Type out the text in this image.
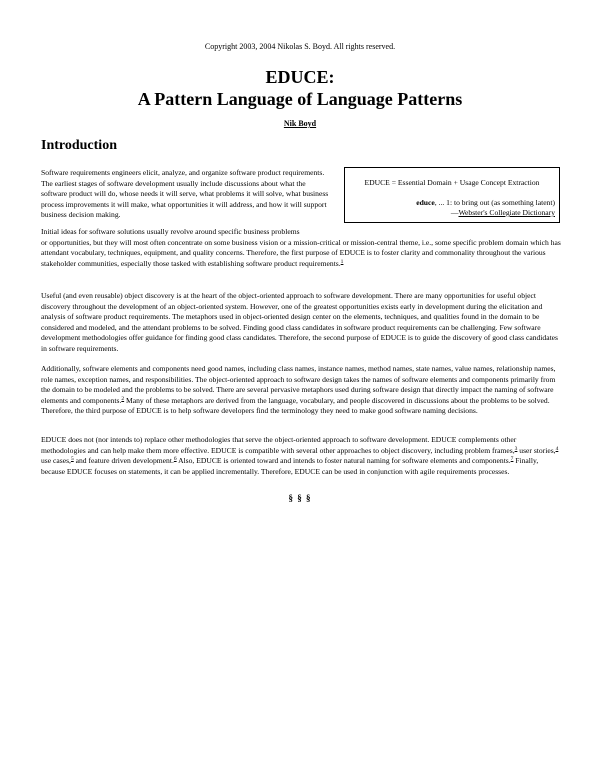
Copyright 2003, 2004 Nikolas S. Boyd. All rights reserved.
EDUCE:
A Pattern Language of Language Patterns
Nik Boyd
Introduction
EDUCE = Essential Domain + Usage Concept Extraction
educe, ... 1: to bring out (as something latent)
—Webster's Collegiate Dictionary
Software requirements engineers elicit, analyze, and organize software product requirements. The earliest stages of software development usually include discussions about what the software product will do, whose needs it will serve, what problems it will solve, what business process improvements it will make, what opportunities it will address, and how it will support business decision making.
Initial ideas for software solutions usually revolve around specific business problems
or opportunities, but they will most often concentrate on some business vision or a mission-critical or mission-central theme, i.e., some specific problem domain which has attendant vocabulary, techniques, equipment, and quality concerns. Therefore, the first purpose of EDUCE is to foster clarity and commonality throughout the various stakeholder communities, especially those tasked with establishing software product requirements.$^1$
Useful (and even reusable) object discovery is at the heart of the object-oriented approach to software development. There are many opportunities for useful object discovery throughout the development of an object-oriented system. However, one of the greatest opportunities exists early in development during the elicitation and analysis of software product requirements. The metaphors used in object-oriented design center on the elements, techniques, and qualities found in the domain to be considered and modeled, and the attendant problems to be solved. Finding good class candidates in software product requirements can be challenging. Few software development methodologies offer guidance for finding good class candidates. Therefore, the second purpose of EDUCE is to guide the discovery of good class candidates in software requirements.
Additionally, software elements and components need good names, including class names, instance names, method names, state names, value names, relationship names, role names, exception names, and responsibilities. The object-oriented approach to software design takes the names of software elements and components primarily from the domain to be modeled and the problems to be solved. There are several pervasive metaphors used during software design that directly impact the naming of software elements and components.$^2$ Many of these metaphors are derived from the language, vocabulary, and people discovered in discussions about the problems to be solved. Therefore, the third purpose of EDUCE is to help software developers find the terminology they need to make good software naming decisions.
EDUCE does not (nor intends to) replace other methodologies that serve the object-oriented approach to software development. EDUCE complements other methodologies and can help make them more effective. EDUCE is compatible with several other approaches to object discovery, including problem frames,$^3$ user stories,$^4$ use cases,$^5$ and feature driven development.$^6$ Also, EDUCE is oriented toward and intends to foster natural naming for software elements and components.$^7$ Finally, because EDUCE focuses on statements, it can be applied incrementally. Therefore, EDUCE can be used in conjunction with agile requirements processes.
§ § §
